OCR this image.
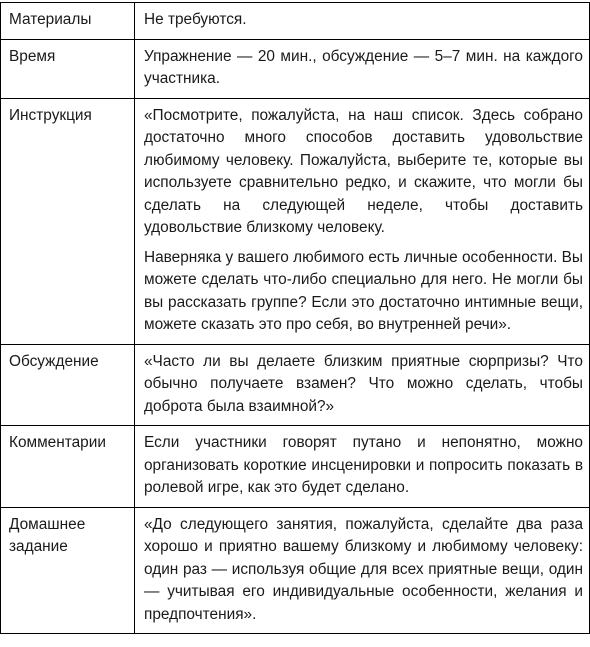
Материалы	Не требуются.

Время	Упражнение — 20 мин., обсуждение — 5–7 мин. на каждого участника.

Инструкция	«Посмотрите, пожалуйста, на наш список. Здесь собрано достаточно много способов доставить удовольствие любимому человеку. Пожалуйста, выберите те, которые вы используете сравнительно редко, и скажите, что могли бы сделать на следующей неделе, чтобы доставить удовольствие близкому человеку.

Наверняка у вашего любимого есть личные особенности. Вы можете сделать что-либо специально для него. Не могли бы вы рассказать группе? Если это достаточно интимные вещи, можете сказать это про себя, во внутренней речи».

Обсуждение	«Часто ли вы делаете близким приятные сюрпризы? Что обычно получаете взамен? Что можно сделать, чтобы доброта была взаимной?»

Комментарии	Если участники говорят путано и непонятно, можно организовать короткие инсценировки и попросить показать в ролевой игре, как это будет сделано.

Домашнее задание	«До следующего занятия, пожалуйста, сделайте два раза хорошо и приятно вашему близкому и любимому человеку: один раз — используя общие для всех приятные вещи, один — учитывая его индивидуальные особенности, желания и предпочтения».
